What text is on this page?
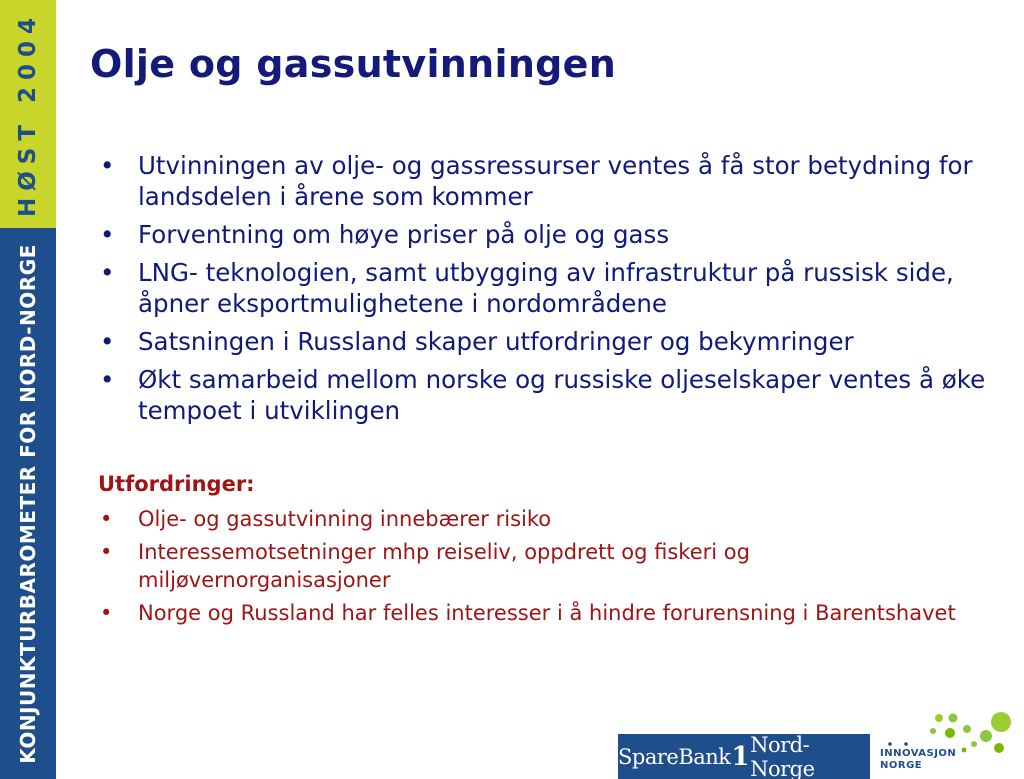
HØST 2004
KONJUNKTURBAROMETER FOR NORD-NORGE
Olje og gassutvinningen
• Utvinningen av olje- og gassressurser ventes å få stor betydning for landsdelen i årene som kommer
• Forventning om høye priser på olje og gass
• LNG- teknologien, samt utbygging av infrastruktur på russisk side, åpner eksportmulighetene i nordområdene
• Satsningen i Russland skaper utfordringer og bekymringer
• Økt samarbeid mellom norske og russiske oljeselskaper ventes å øke tempoet i utviklingen
Utfordringer:
• Olje- og gassutvinning innebærer risiko
• Interessemotsetninger mhp reiseliv, oppdrett og fiskeri og miljøvernorganisasjoner
• Norge og Russland har felles interesser i å hindre forurensning i Barentshavet
SpareBank 1 Nord-Norge
INNOVASJON
NORGE
